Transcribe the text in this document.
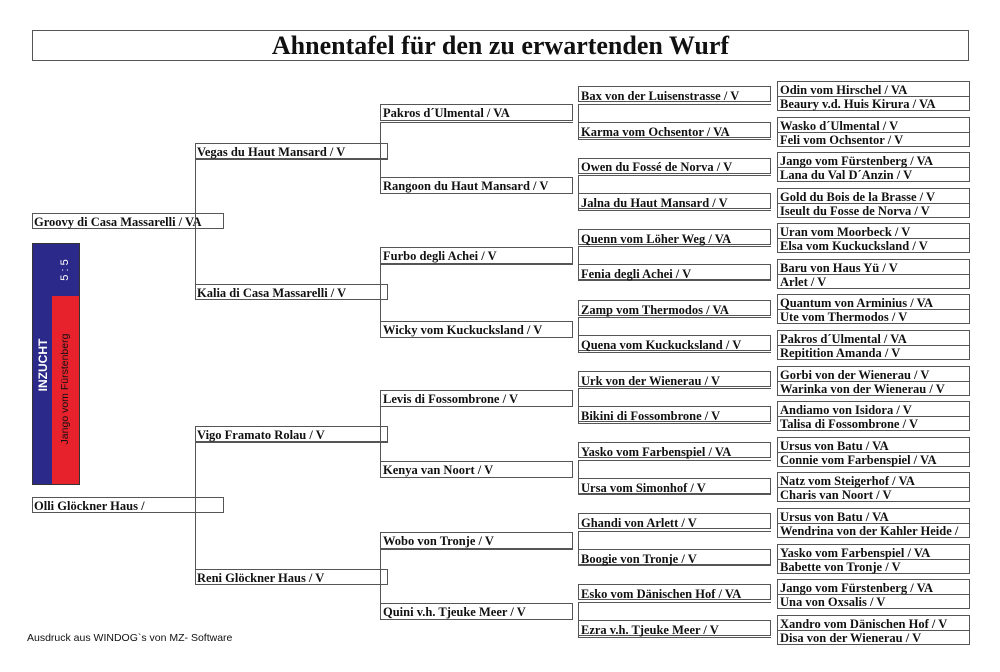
Ahnentafel für den zu erwartenden Wurf
Groovy di Casa Massarelli / VA
Olli Glöckner Haus /
Vegas du Haut Mansard / V
Kalia di Casa Massarelli / V
Vigo Framato Rolau / V
Reni Glöckner Haus / V
Pakros d´Ulmental / VA
Rangoon du Haut Mansard / V
Furbo degli Achei / V
Wicky vom Kuckucksland / V
Levis di Fossombrone / V
Kenya van Noort / V
Wobo von Tronje / V
Quini v.h. Tjeuke Meer / V
Bax von der Luisenstrasse / V
Karma vom Ochsentor / VA
Owen du Fossé de Norva / V
Jalna du Haut Mansard / V
Quenn vom Löher Weg / VA
Fenia degli Achei / V
Zamp vom Thermodos / VA
Quena vom Kuckucksland / V
Urk von der Wienerau / V
Bikini di Fossombrone / V
Yasko vom Farbenspiel / VA
Ursa vom Simonhof / V
Ghandi von Arlett / V
Boogie von Tronje / V
Esko vom Dänischen Hof / VA
Ezra v.h. Tjeuke Meer / V
Odin vom Hirschel / VA
Beaury v.d. Huis Kirura / VA
Wasko d´Ulmental / V
Feli vom Ochsentor / V
Jango vom Fürstenberg / VA
Lana du Val D´Anzin / V
Gold du Bois de la Brasse / V
Iseult du Fosse de Norva / V
Uran vom Moorbeck / V
Elsa vom Kuckucksland / V
Baru von Haus Yü / V
Arlet / V
Quantum von Arminius / VA
Ute vom Thermodos / V
Pakros d´Ulmental / VA
Repitition Amanda / V
Gorbi von der Wienerau / V
Warinka von der Wienerau / V
Andiamo von Isidora / V
Talisa di Fossombrone / V
Ursus von Batu / VA
Connie vom Farbenspiel / VA
Natz vom Steigerhof / VA
Charis van Noort / V
Ursus von Batu / VA
Wendrina von der Kahler Heide /
Yasko vom Farbenspiel / VA
Babette von Tronje / V
Jango vom Fürstenberg / VA
Una von Oxsalis / V
Xandro vom Dänischen Hof / V
Disa von der Wienerau / V
INZUCHT
5 : 5
Jango vom Fürstenberg
Ausdruck aus WINDOG`s von MZ- Software
